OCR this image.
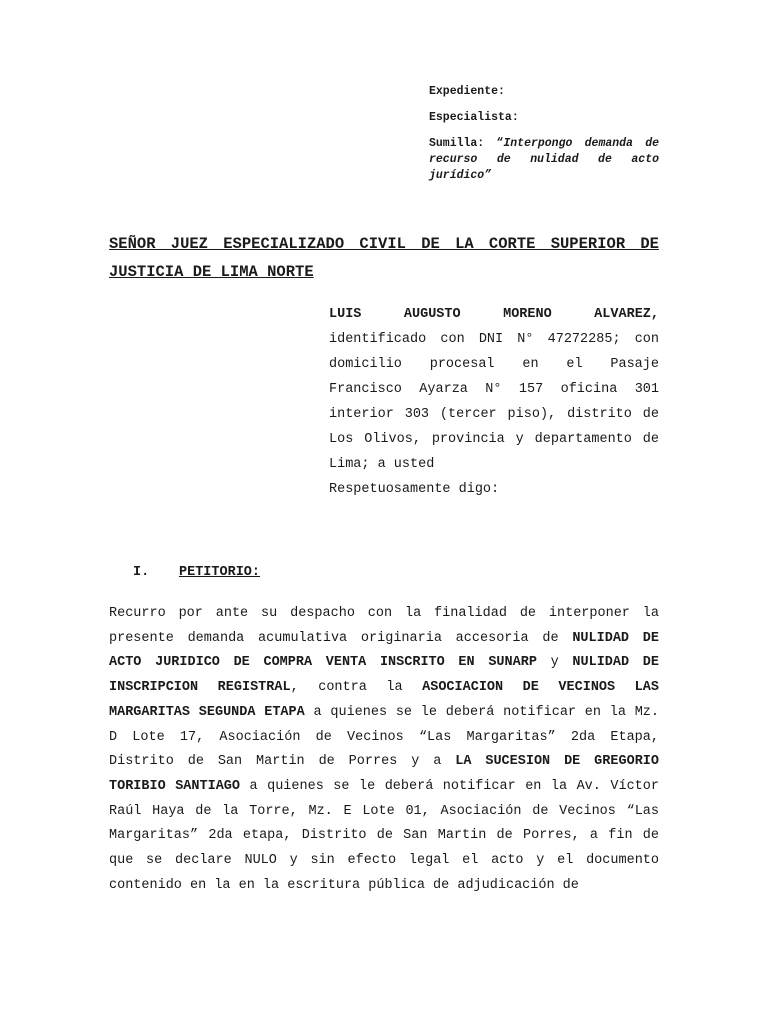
Expediente:
Especialista:
Sumilla: “Interpongo demanda de recurso de nulidad de acto jurídico”
SEÑOR JUEZ ESPECIALIZADO CIVIL DE LA CORTE SUPERIOR DE JUSTICIA DE LIMA NORTE
LUIS AUGUSTO MORENO ALVAREZ, identificado con DNI N° 47272285; con domicilio procesal en el Pasaje Francisco Ayarza N° 157 oficina 301 interior 303 (tercer piso), distrito de Los Olivos, provincia y departamento de Lima; a usted
Respetuosamente digo:
I. PETITORIO:
Recurro por ante su despacho con la finalidad de interponer la presente demanda acumulativa originaria accesoria de NULIDAD DE ACTO JURIDICO DE COMPRA VENTA INSCRITO EN SUNARP y NULIDAD DE INSCRIPCION REGISTRAL, contra la ASOCIACION DE VECINOS LAS MARGARITAS SEGUNDA ETAPA a quienes se le deberá notificar en la Mz. D Lote 17, Asociación de Vecinos “Las Margaritas” 2da Etapa, Distrito de San Martin de Porres y a LA SUCESION DE GREGORIO TORIBIO SANTIAGO a quienes se le deberá notificar en la Av. Víctor Raúl Haya de la Torre, Mz. E Lote 01, Asociación de Vecinos “Las Margaritas” 2da etapa, Distrito de San Martin de Porres, a fin de que se declare NULO y sin efecto legal el acto y el documento contenido en la en la escritura pública de adjudicación de
